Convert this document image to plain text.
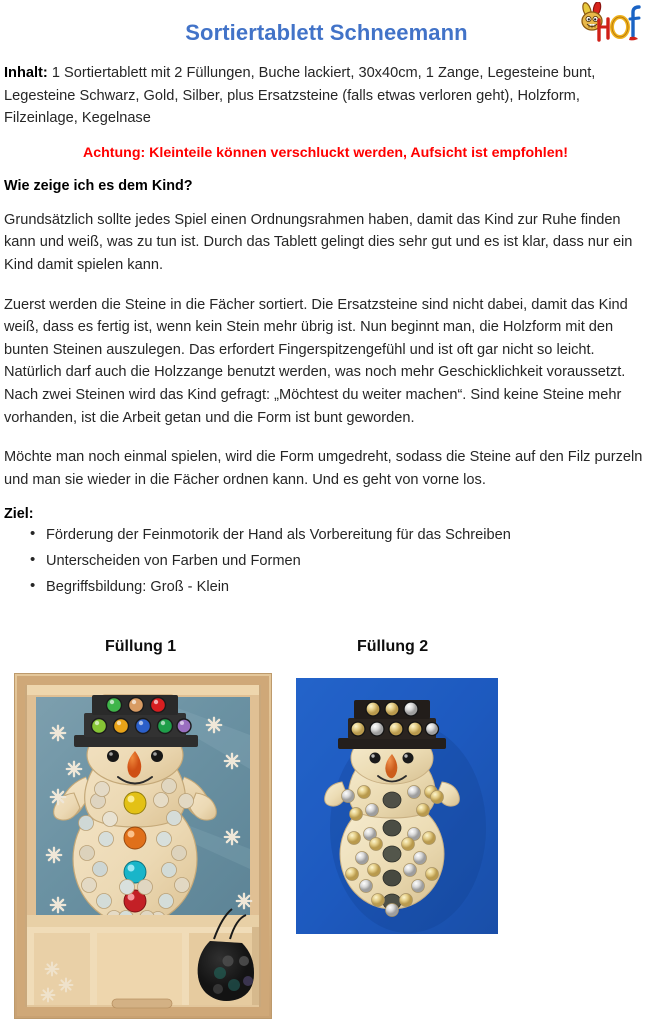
Sortiertablett Schneemann

Inhalt: 1 Sortiertablett mit 2 Füllungen, Buche lackiert, 30x40cm, 1 Zange, Legesteine bunt, Legesteine Schwarz, Gold, Silber, plus Ersatzsteine (falls etwas verloren geht), Holzform, Filzeinlage, Kegelnase

Achtung: Kleinteile können verschluckt werden, Aufsicht ist empfohlen!

Wie zeige ich es dem Kind?

Grundsätzlich sollte jedes Spiel einen Ordnungsrahmen haben, damit das Kind zur Ruhe finden kann und weiß, was zu tun ist. Durch das Tablett gelingt dies sehr gut und es ist klar, dass nur ein Kind damit spielen kann.

Zuerst werden die Steine in die Fächer sortiert. Die Ersatzsteine sind nicht dabei, damit das Kind weiß, dass es fertig ist, wenn kein Stein mehr übrig ist. Nun beginnt man, die Holzform mit den bunten Steinen auszulegen. Das erfordert Fingerspitzengefühl und ist oft gar nicht so leicht. Natürlich darf auch die Holzzange benutzt werden, was noch mehr Geschicklichkeit voraussetzt. Nach zwei Steinen wird das Kind gefragt: „Möchtest du weiter machen“. Sind keine Steine mehr vorhanden, ist die Arbeit getan und die Form ist bunt geworden.

Möchte man noch einmal spielen, wird die Form umgedreht, sodass die Steine auf den Filz purzeln und man sie wieder in die Fächer ordnen kann. Und es geht von vorne los.

Ziel:

• Förderung der Feinmotorik der Hand als Vorbereitung für das Schreiben
• Unterscheiden von Farben und Formen
• Begriffsbildung: Groß - Klein
Füllung 1	Füllung 2
